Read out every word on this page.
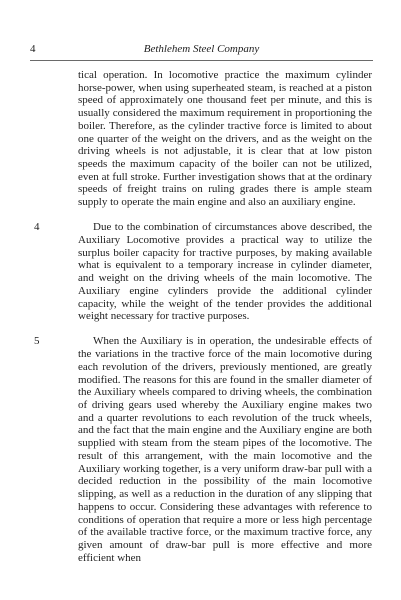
4	Bethlehem Steel Company

tical operation. In locomotive practice the maximum cylinder horse-power, when using superheated steam, is reached at a piston speed of approximately one thousand feet per minute, and this is usually considered the maximum requirement in proportioning the boiler. Therefore, as the cylinder tractive force is limited to about one quarter of the weight on the drivers, and as the weight on the driving wheels is not adjustable, it is clear that at low piston speeds the maximum capacity of the boiler can not be utilized, even at full stroke. Further investigation shows that at the ordinary speeds of freight trains on ruling grades there is ample steam supply to operate the main engine and also an auxiliary engine.

4	Due to the combination of circumstances above described, the Auxiliary Locomotive provides a practical way to utilize the surplus boiler capacity for tractive purposes, by making available what is equivalent to a temporary increase in cylinder diameter, and weight on the driving wheels of the main locomotive. The Auxiliary engine cylinders provide the additional cylinder capacity, while the weight of the tender provides the additional weight necessary for tractive purposes.

5	When the Auxiliary is in operation, the undesirable effects of the variations in the tractive force of the main locomotive during each revolution of the drivers, previously mentioned, are greatly modified. The reasons for this are found in the smaller diameter of the Auxiliary wheels compared to driving wheels, the combination of driving gears used whereby the Auxiliary engine makes two and a quarter revolutions to each revolution of the truck wheels, and the fact that the main engine and the Auxiliary engine are both supplied with steam from the steam pipes of the locomotive. The result of this arrangement, with the main locomotive and the Auxiliary working together, is a very uniform draw-bar pull with a decided reduction in the possibility of the main locomotive slipping, as well as a reduction in the duration of any slipping that happens to occur. Considering these advantages with reference to conditions of operation that require a more or less high percentage of the available tractive force, or the maximum tractive force, any given amount of draw-bar pull is more effective and more efficient when
